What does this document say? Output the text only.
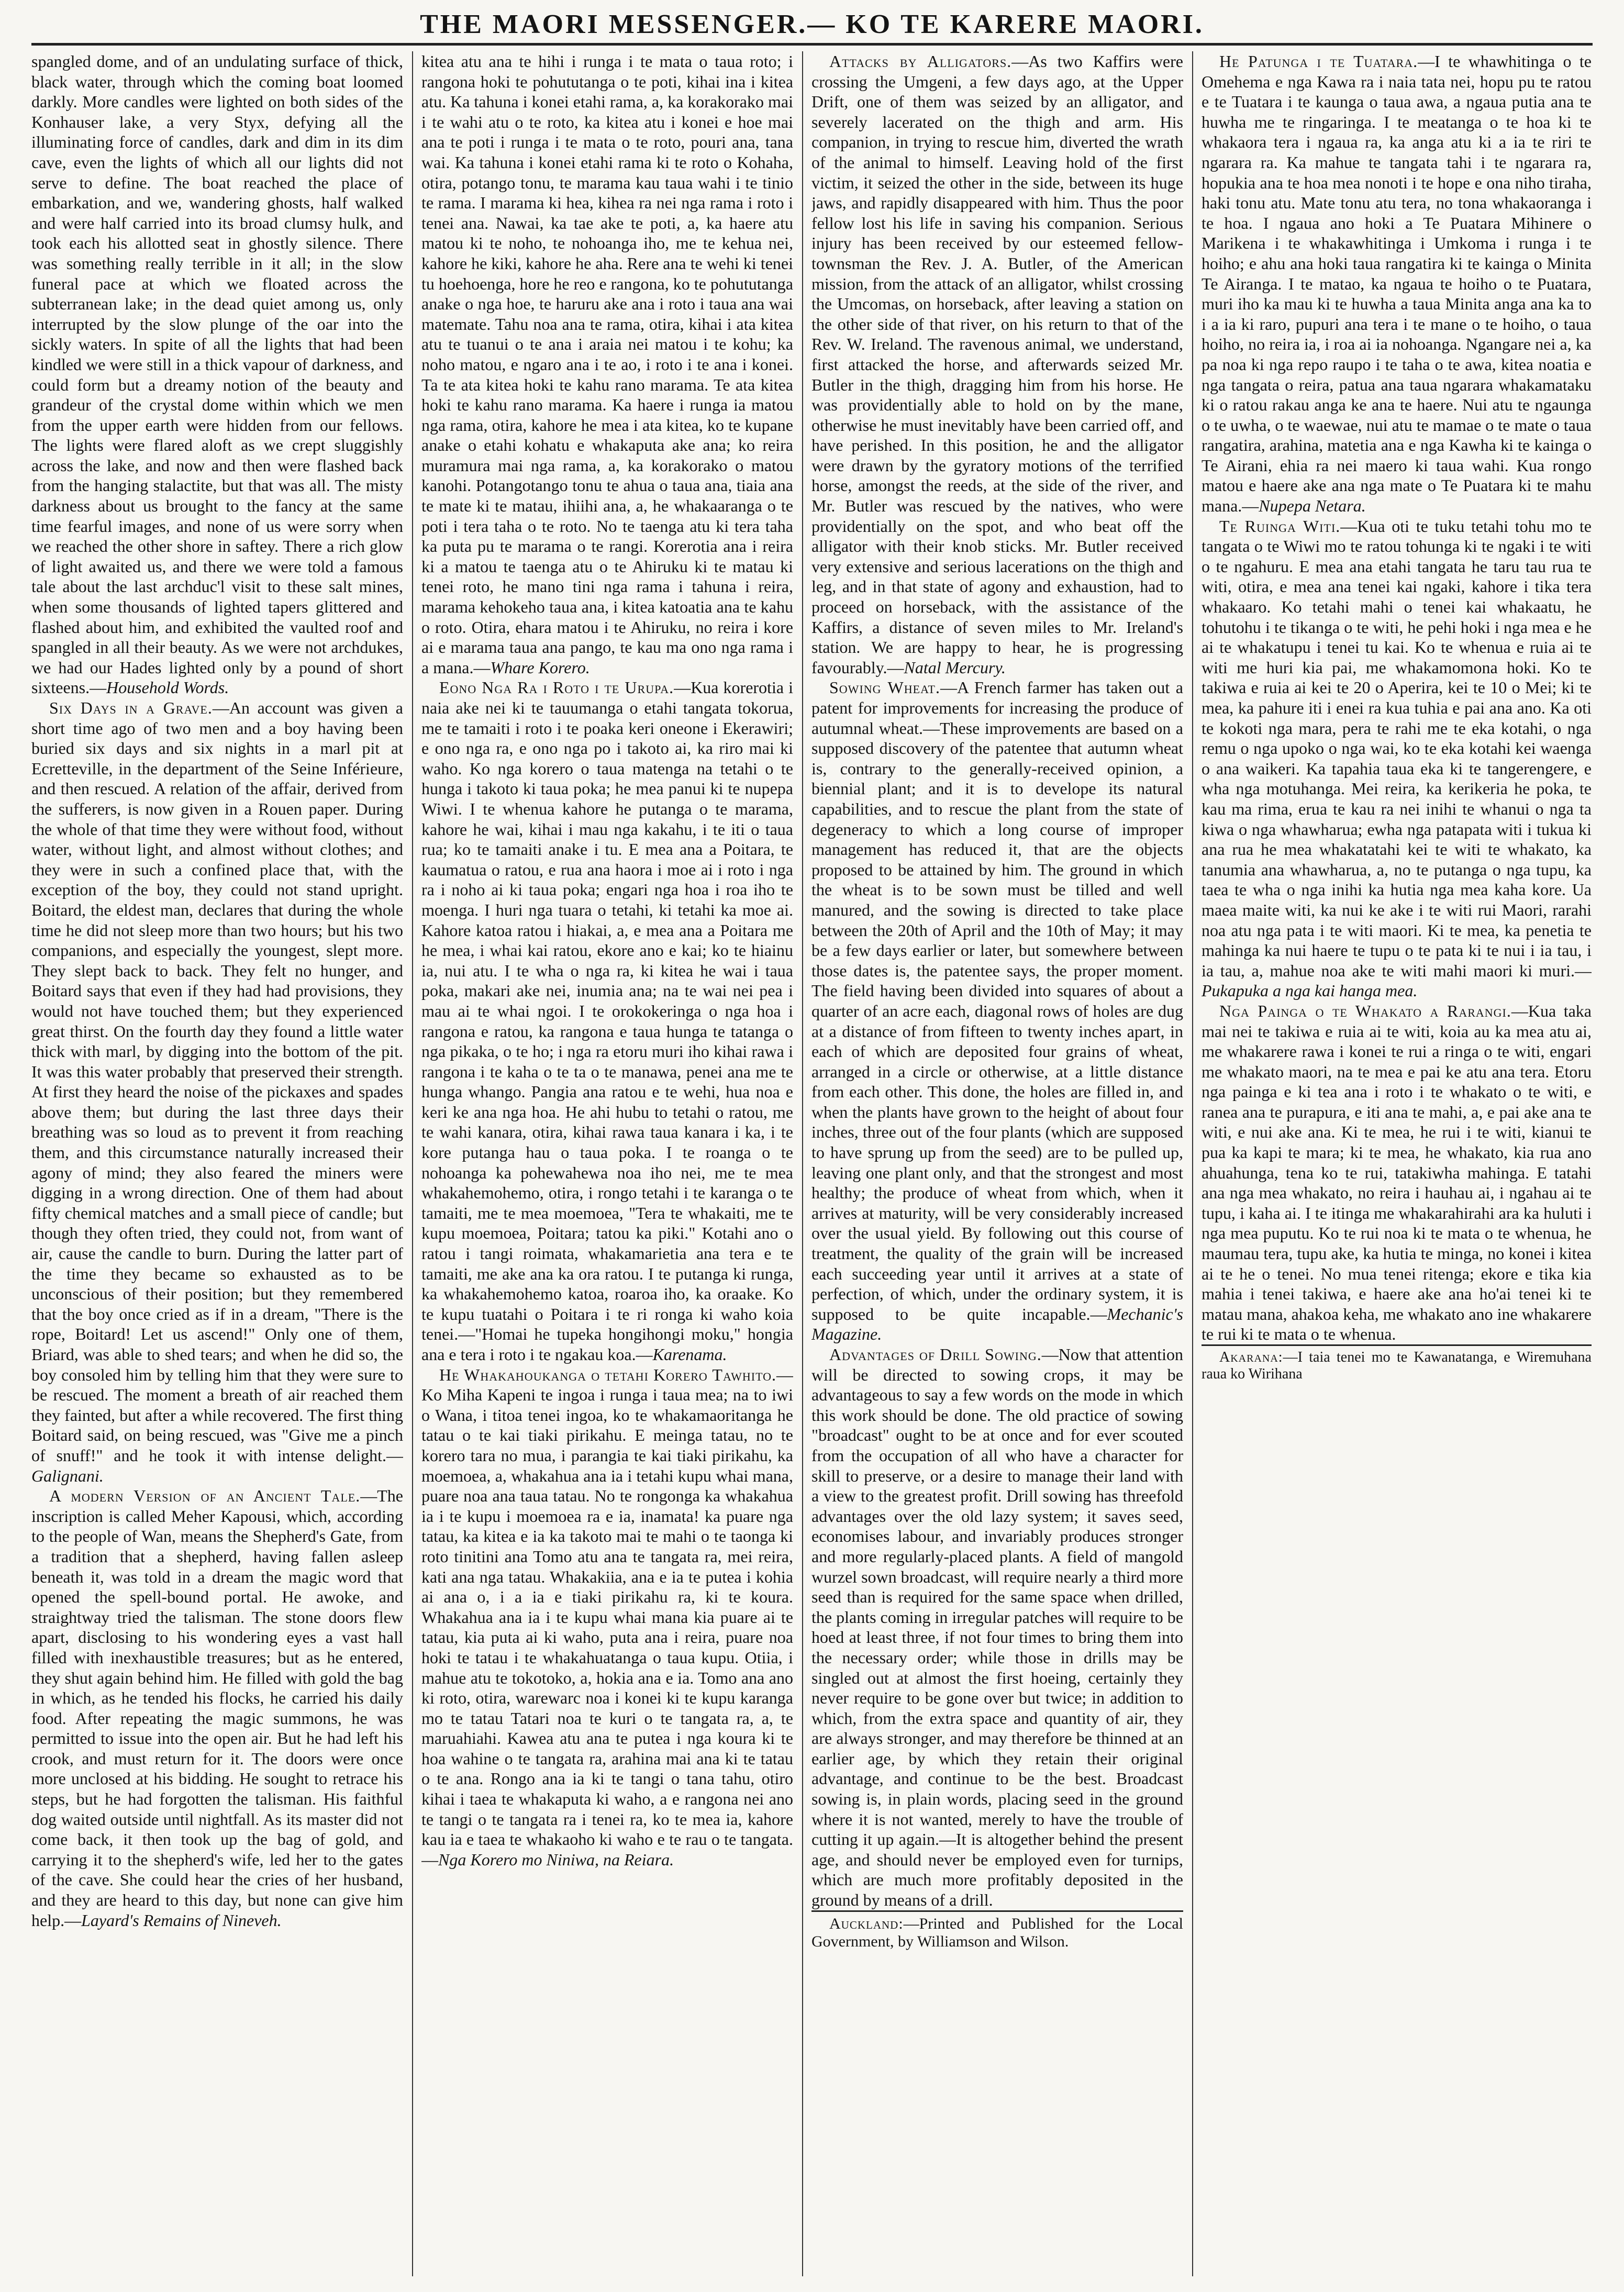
THE MAORI MESSENGER.— KO TE KARERE MAORI.

spangled dome, and of an undulating surface of thick, black water, through which the coming boat loomed darkly. More candles were lighted on both sides of the Konhauser lake, a very Styx, defying all the illuminating force of candles, dark and dim in its dim cave, even the lights of which all our lights did not serve to define. The boat reached the place of embarkation, and we, wandering ghosts, half walked and were half carried into its broad clumsy hulk, and took each his allotted seat in ghostly silence. There was something really terrible in it all; in the slow funeral pace at which we floated across the subterranean lake; in the dead quiet among us, only interrupted by the slow plunge of the oar into the sickly waters. In spite of all the lights that had been kindled we were still in a thick vapour of darkness, and could form but a dreamy notion of the beauty and grandeur of the crystal dome within which we men from the upper earth were hidden from our fellows. The lights were flared aloft as we crept sluggishly across the lake, and now and then were flashed back from the hanging stalactite, but that was all. The misty darkness about us brought to the fancy at the same time fearful images, and none of us were sorry when we reached the other shore in saftey. There a rich glow of light awaited us, and there we were told a famous tale about the last archduc'l visit to these salt mines, when some thousands of lighted tapers glittered and flashed about him, and exhibited the vaulted roof and spangled in all their beauty. As we were not archdukes, we had our Hades lighted only by a pound of short sixteens.—Household Words.

Six Days in a Grave.—An account was given a short time ago of two men and a boy having been buried six days and six nights in a marl pit at Ecretteville, in the department of the Seine Inférieure, and then rescued. A relation of the affair, derived from the sufferers, is now given in a Rouen paper. During the whole of that time they were without food, without water, without light, and almost without clothes; and they were in such a confined place that, with the exception of the boy, they could not stand upright. Boitard, the eldest man, declares that during the whole time he did not sleep more than two hours; but his two companions, and especially the youngest, slept more. They slept back to back. They felt no hunger, and Boitard says that even if they had had provisions, they would not have touched them; but they experienced great thirst. On the fourth day they found a little water thick with marl, by digging into the bottom of the pit. It was this water probably that preserved their strength. At first they heard the noise of the pickaxes and spades above them; but during the last three days their breathing was so loud as to prevent it from reaching them, and this circumstance naturally increased their agony of mind; they also feared the miners were digging in a wrong direction. One of them had about fifty chemical matches and a small piece of candle; but though they often tried, they could not, from want of air, cause the candle to burn. During the latter part of the time they became so exhausted as to be unconscious of their position; but they remembered that the boy once cried as if in a dream, "There is the rope, Boitard! Let us ascend!" Only one of them, Briard, was able to shed tears; and when he did so, the boy consoled him by telling him that they were sure to be rescued. The moment a breath of air reached them they fainted, but after a while recovered. The first thing Boitard said, on being rescued, was "Give me a pinch of snuff!" and he took it with intense delight.—Galignani.

A modern Version of an Ancient Tale.—The inscription is called Meher Kapousi, which, according to the people of Wan, means the Shepherd's Gate, from a tradition that a shepherd, having fallen asleep beneath it, was told in a dream the magic word that opened the spell-bound portal. He awoke, and straightway tried the talisman. The stone doors flew apart, disclosing to his wondering eyes a vast hall filled with inexhaustible treasures; but as he entered, they shut again behind him. He filled with gold the bag in which, as he tended his flocks, he carried his daily food. After repeating the magic summons, he was permitted to issue into the open air. But he had left his crook, and must return for it. The doors were once more unclosed at his bidding. He sought to retrace his steps, but he had forgotten the talisman. His faithful dog waited outside until nightfall. As its master did not come back, it then took up the bag of gold, and carrying it to the shepherd's wife, led her to the gates of the cave. She could hear the cries of her husband, and they are heard to this day, but none can give him help.—Layard's Remains of Nineveh.

kitea atu ana te hihi i runga i te mata o taua roto; i rangona hoki te pohututanga o te poti, kihai ina i kitea atu. Ka tahuna i konei etahi rama, a, ka korakorako mai i te wahi atu o te roto, ka kitea atu i konei e hoe mai ana te poti i runga i te mata o te roto, pouri ana, tana wai. Ka tahuna i konei etahi rama ki te roto o Kohaha, otira, potango tonu, te marama kau taua wahi i te tinio te rama. I marama ki hea, kihea ra nei nga rama i roto i tenei ana. Nawai, ka tae ake te poti, a, ka haere atu matou ki te noho, te nohoanga iho, me te kehua nei, kahore he kiki, kahore he aha. Rere ana te wehi ki tenei tu hoehoenga, hore he reo e rangona, ko te pohututanga anake o nga hoe, te haruru ake ana i roto i taua ana wai matemate. Tahu noa ana te rama, otira, kihai i ata kitea atu te tuanui o te ana i araia nei matou i te kohu; ka noho matou, e ngaro ana i te ao, i roto i te ana i konei. Ta te ata kitea hoki te kahu rano marama. Te ata kitea hoki te kahu rano marama. Ka haere i runga ia matou nga rama, otira, kahore he mea i ata kitea, ko te kupane anake o etahi kohatu e whakaputa ake ana; ko reira muramura mai nga rama, a, ka korakorako o matou kanohi. Potangotango tonu te ahua o taua ana, tiaia ana te mate ki te matau, ihiihi ana, a, he whakaaranga o te poti i tera taha o te roto. No te taenga atu ki tera taha ka puta pu te marama o te rangi. Korerotia ana i reira ki a matou te taenga atu o te Ahiruku ki te matau ki tenei roto, he mano tini nga rama i tahuna i reira, marama kehokeho taua ana, i kitea katoatia ana te kahu o roto. Otira, ehara matou i te Ahiruku, no reira i kore ai e marama taua ana pango, te kau ma ono nga rama i a mana.—Whare Korero.

Eono Nga Ra i Roto i te Urupa.—Kua korerotia i naia ake nei ki te tauumanga o etahi tangata tokorua, me te tamaiti i roto i te poaka keri oneone i Ekerawiri; e ono nga ra, e ono nga po i takoto ai, ka riro mai ki waho. Ko nga korero o taua matenga na tetahi o te hunga i takoto ki taua poka; he mea panui ki te nupepa Wiwi. I te whenua kahore he putanga o te marama, kahore he wai, kihai i mau nga kakahu, i te iti o taua rua; ko te tamaiti anake i tu. E mea ana a Poitara, te kaumatua o ratou, e rua ana haora i moe ai i roto i nga ra i noho ai ki taua poka; engari nga hoa i roa iho te moenga. I huri nga tuara o tetahi, ki tetahi ka moe ai. Kahore katoa ratou i hiakai, a, e mea ana a Poitara me he mea, i whai kai ratou, ekore ano e kai; ko te hiainu ia, nui atu. I te wha o nga ra, ki kitea he wai i taua poka, makari ake nei, inumia ana; na te wai nei pea i mau ai te whai ngoi. I te orokokeringa o nga hoa i rangona e ratou, ka rangona e taua hunga te tatanga o nga pikaka, o te ho; i nga ra etoru muri iho kihai rawa i rangona i te kaha o te ta o te manawa, penei ana me te hunga whango. Pangia ana ratou e te wehi, hua noa e keri ke ana nga hoa. He ahi hubu to tetahi o ratou, me te wahi kanara, otira, kihai rawa taua kanara i ka, i te kore putanga hau o taua poka. I te roanga o te nohoanga ka pohewahewa noa iho nei, me te mea whakahemohemo, otira, i rongo tetahi i te karanga o te tamaiti, me te mea moemoea, "Tera te whakaiti, me te kupu moemoea, Poitara; tatou ka piki." Kotahi ano o ratou i tangi roimata, whakamarietia ana tera e te tamaiti, me ake ana ka ora ratou. I te putanga ki runga, ka whakahemohemo katoa, roaroa iho, ka oraake. Ko te kupu tuatahi o Poitara i te ri ronga ki waho koia tenei.—"Homai he tupeka hongihongi moku," hongia ana e tera i roto i te ngakau koa.—Karenama.

He Whakahoukanga o tetahi Korero Tawhito.—Ko Miha Kapeni te ingoa i runga i taua mea; na to iwi o Wana, i titoa tenei ingoa, ko te whakamaoritanga he tatau o te kai tiaki pirikahu. E meinga tatau, no te korero tara no mua, i parangia te kai tiaki pirikahu, ka moemoea, a, whakahua ana ia i tetahi kupu whai mana, puare noa ana taua tatau. No te rongonga ka whakahua ia i te kupu i moemoea ra e ia, inamata! ka puare nga tatau, ka kitea e ia ka takoto mai te mahi o te taonga ki roto tinitini ana Tomo atu ana te tangata ra, mei reira, kati ana nga tatau. Whakakiia, ana e ia te putea i kohia ai ana o, i a ia e tiaki pirikahu ra, ki te koura. Whakahua ana ia i te kupu whai mana kia puare ai te tatau, kia puta ai ki waho, puta ana i reira, puare noa hoki te tatau i te whakahuatanga o taua kupu. Otiia, i mahue atu te tokotoko, a, hokia ana e ia. Tomo ana ano ki roto, otira, warewarc noa i konei ki te kupu karanga mo te tatau Tatari noa te kuri o te tangata ra, a, te maruahiahi. Kawea atu ana te putea i nga koura ki te hoa wahine o te tangata ra, arahina mai ana ki te tatau o te ana. Rongo ana ia ki te tangi o tana tahu, otiro kihai i taea te whakaputa ki waho, a e rangona nei ano te tangi o te tangata ra i tenei ra, ko te mea ia, kahore kau ia e taea te whakaoho ki waho e te rau o te tangata.—Nga Korero mo Niniwa, na Reiara.

Attacks by Alligators.—As two Kaffirs were crossing the Umgeni, a few days ago, at the Upper Drift, one of them was seized by an alligator, and severely lacerated on the thigh and arm. His companion, in trying to rescue him, diverted the wrath of the animal to himself. Leaving hold of the first victim, it seized the other in the side, between its huge jaws, and rapidly disappeared with him. Thus the poor fellow lost his life in saving his companion. Serious injury has been received by our esteemed fellow-townsman the Rev. J. A. Butler, of the American mission, from the attack of an alligator, whilst crossing the Umcomas, on horseback, after leaving a station on the other side of that river, on his return to that of the Rev. W. Ireland. The ravenous animal, we understand, first attacked the horse, and afterwards seized Mr. Butler in the thigh, dragging him from his horse. He was providentially able to hold on by the mane, otherwise he must inevitably have been carried off, and have perished. In this position, he and the alligator were drawn by the gyratory motions of the terrified horse, amongst the reeds, at the side of the river, and Mr. Butler was rescued by the natives, who were providentially on the spot, and who beat off the alligator with their knob sticks. Mr. Butler received very extensive and serious lacerations on the thigh and leg, and in that state of agony and exhaustion, had to proceed on horseback, with the assistance of the Kaffirs, a distance of seven miles to Mr. Ireland's station. We are happy to hear, he is progressing favourably.—Natal Mercury.

Sowing Wheat.—A French farmer has taken out a patent for improvements for increasing the produce of autumnal wheat.—These improvements are based on a supposed discovery of the patentee that autumn wheat is, contrary to the generally-received opinion, a biennial plant; and it is to develope its natural capabilities, and to rescue the plant from the state of degeneracy to which a long course of improper management has reduced it, that are the objects proposed to be attained by him. The ground in which the wheat is to be sown must be tilled and well manured, and the sowing is directed to take place between the 20th of April and the 10th of May; it may be a few days earlier or later, but somewhere between those dates is, the patentee says, the proper moment. The field having been divided into squares of about a quarter of an acre each, diagonal rows of holes are dug at a distance of from fifteen to twenty inches apart, in each of which are deposited four grains of wheat, arranged in a circle or otherwise, at a little distance from each other. This done, the holes are filled in, and when the plants have grown to the height of about four inches, three out of the four plants (which are supposed to have sprung up from the seed) are to be pulled up, leaving one plant only, and that the strongest and most healthy; the produce of wheat from which, when it arrives at maturity, will be very considerably increased over the usual yield. By following out this course of treatment, the quality of the grain will be increased each succeeding year until it arrives at a state of perfection, of which, under the ordinary system, it is supposed to be quite incapable.—Mechanic's Magazine.

Advantages of Drill Sowing.—Now that attention will be directed to sowing crops, it may be advantageous to say a few words on the mode in which this work should be done. The old practice of sowing "broadcast" ought to be at once and for ever scouted from the occupation of all who have a character for skill to preserve, or a desire to manage their land with a view to the greatest profit. Drill sowing has threefold advantages over the old lazy system; it saves seed, economises labour, and invariably produces stronger and more regularly-placed plants. A field of mangold wurzel sown broadcast, will require nearly a third more seed than is required for the same space when drilled, the plants coming in irregular patches will require to be hoed at least three, if not four times to bring them into the necessary order; while those in drills may be singled out at almost the first hoeing, certainly they never require to be gone over but twice; in addition to which, from the extra space and quantity of air, they are always stronger, and may therefore be thinned at an earlier age, by which they retain their original advantage, and continue to be the best. Broadcast sowing is, in plain words, placing seed in the ground where it is not wanted, merely to have the trouble of cutting it up again.—It is altogether behind the present age, and should never be employed even for turnips, which are much more profitably deposited in the ground by means of a drill.

Auckland:—Printed and Published for the Local Government, by Williamson and Wilson.

He Patunga i te Tuatara.—I te whawhitinga o te Omehema e nga Kawa ra i naia tata nei, hopu pu te ratou e te Tuatara i te kaunga o taua awa, a ngaua putia ana te huwha me te ringaringa. I te meatanga o te hoa ki te whakaora tera i ngaua ra, ka anga atu ki a ia te riri te ngarara ra. Ka mahue te tangata tahi i te ngarara ra, hopukia ana te hoa mea nonoti i te hope e ona niho tiraha, haki tonu atu. Mate tonu atu tera, no tona whakaoranga i te hoa. I ngaua ano hoki a Te Puatara Mihinere o Marikena i te whakawhitinga i Umkoma i runga i te hoiho; e ahu ana hoki taua rangatira ki te kainga o Minita Te Airanga. I te matao, ka ngaua te hoiho o te Puatara, muri iho ka mau ki te huwha a taua Minita anga ana ka to i a ia ki raro, pupuri ana tera i te mane o te hoiho, o taua hoiho, no reira ia, i roa ai ia nohoanga. Ngangare nei a, ka pa noa ki nga repo raupo i te taha o te awa, kitea noatia e nga tangata o reira, patua ana taua ngarara whakamataku ki o ratou rakau anga ke ana te haere. Nui atu te ngaunga o te uwha, o te waewae, nui atu te mamae o te mate o taua rangatira, arahina, matetia ana e nga Kawha ki te kainga o Te Airani, ehia ra nei maero ki taua wahi. Kua rongo matou e haere ake ana nga mate o Te Puatara ki te mahu mana.—Nupepa Netara.

Te Ruinga Witi.—Kua oti te tuku tetahi tohu mo te tangata o te Wiwi mo te ratou tohunga ki te ngaki i te witi o te ngahuru. E mea ana etahi tangata he taru tau rua te witi, otira, e mea ana tenei kai ngaki, kahore i tika tera whakaaro. Ko tetahi mahi o tenei kai whakaatu, he tohutohu i te tikanga o te witi, he pehi hoki i nga mea e he ai te whakatupu i tenei tu kai. Ko te whenua e ruia ai te witi me huri kia pai, me whakamomona hoki. Ko te takiwa e ruia ai kei te 20 o Aperira, kei te 10 o Mei; ki te mea, ka pahure iti i enei ra kua tuhia e pai ana ano. Ka oti te kokoti nga mara, pera te rahi me te eka kotahi, o nga remu o nga upoko o nga wai, ko te eka kotahi kei waenga o ana waikeri. Ka tapahia taua eka ki te tangerengere, e wha nga motuhanga. Mei reira, ka kerikeria he poka, te kau ma rima, erua te kau ra nei inihi te whanui o nga ta kiwa o nga whawharua; ewha nga patapata witi i tukua ki ana rua he mea whakatatahi kei te witi te whakato, ka tanumia ana whawharua, a, no te putanga o nga tupu, ka taea te wha o nga inihi ka hutia nga mea kaha kore. Ua maea maite witi, ka nui ke ake i te witi rui Maori, rarahi noa atu nga pata i te witi maori. Ki te mea, ka penetia te mahinga ka nui haere te tupu o te pata ki te nui i ia tau, i ia tau, a, mahue noa ake te witi mahi maori ki muri.—Pukapuka a nga kai hanga mea.

Nga Painga o te Whakato a Rarangi.—Kua taka mai nei te takiwa e ruia ai te witi, koia au ka mea atu ai, me whakarere rawa i konei te rui a ringa o te witi, engari me whakato maori, na te mea e pai ke atu ana tera. Etoru nga painga e ki tea ana i roto i te whakato o te witi, e ranea ana te purapura, e iti ana te mahi, a, e pai ake ana te witi, e nui ake ana. Ki te mea, he rui i te witi, kianui te pua ka kapi te mara; ki te mea, he whakato, kia rua ano ahuahunga, tena ko te rui, tatakiwha mahinga. E tatahi ana nga mea whakato, no reira i hauhau ai, i ngahau ai te tupu, i kaha ai. I te itinga me whakarahirahi ara ka huluti i nga mea puputu. Ko te rui noa ki te mata o te whenua, he maumau tera, tupu ake, ka hutia te minga, no konei i kitea ai te he o tenei. No mua tenei ritenga; ekore e tika kia mahia i tenei takiwa, e haere ake ana ho'ai tenei ki te matau mana, ahakoa keha, me whakato ano ine whakarere te rui ki te mata o te whenua.

Akarana:—I taia tenei mo te Kawanatanga, e Wiremuhana raua ko Wirihana
